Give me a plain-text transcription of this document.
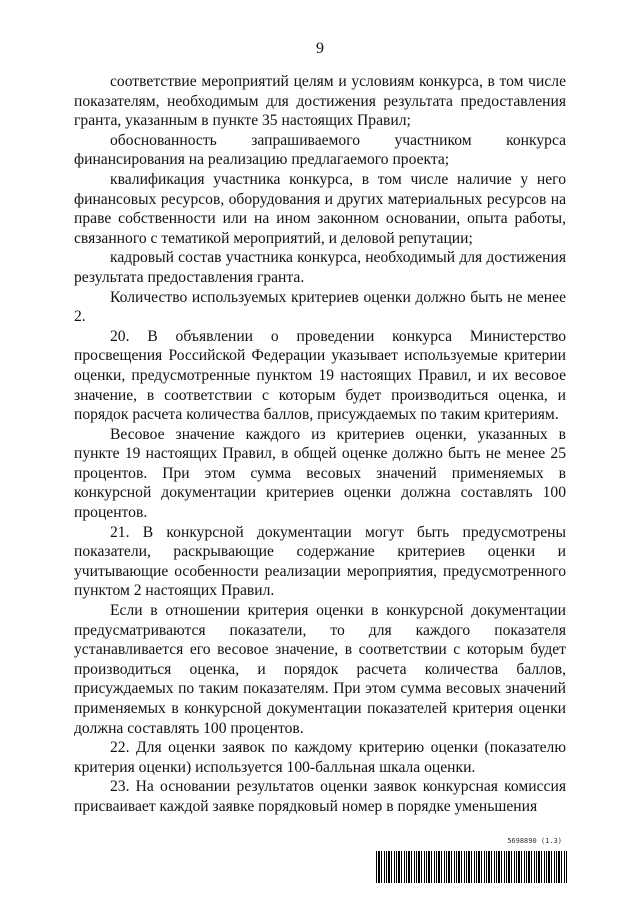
9

соответствие мероприятий целям и условиям конкурса, в том числе показателям, необходимым для достижения результата предоставления гранта, указанным в пункте 35 настоящих Правил;

обоснованность запрашиваемого участником конкурса финансирования на реализацию предлагаемого проекта;

квалификация участника конкурса, в том числе наличие у него финансовых ресурсов, оборудования и других материальных ресурсов на праве собственности или на ином законном основании, опыта работы, связанного с тематикой мероприятий, и деловой репутации;

кадровый состав участника конкурса, необходимый для достижения результата предоставления гранта.

Количество используемых критериев оценки должно быть не менее 2.

20. В объявлении о проведении конкурса Министерство просвещения Российской Федерации указывает используемые критерии оценки, предусмотренные пунктом 19 настоящих Правил, и их весовое значение, в соответствии с которым будет производиться оценка, и порядок расчета количества баллов, присуждаемых по таким критериям.

Весовое значение каждого из критериев оценки, указанных в пункте 19 настоящих Правил, в общей оценке должно быть не менее 25 процентов. При этом сумма весовых значений применяемых в конкурсной документации критериев оценки должна составлять 100 процентов.

21. В конкурсной документации могут быть предусмотрены показатели, раскрывающие содержание критериев оценки и учитывающие особенности реализации мероприятия, предусмотренного пунктом 2 настоящих Правил.

Если в отношении критерия оценки в конкурсной документации предусматриваются показатели, то для каждого показателя устанавливается его весовое значение, в соответствии с которым будет производиться оценка, и порядок расчета количества баллов, присуждаемых по таким показателям. При этом сумма весовых значений применяемых в конкурсной документации показателей критерия оценки должна составлять 100 процентов.

22. Для оценки заявок по каждому критерию оценки (показателю критерия оценки) используется 100-балльная шкала оценки.

23. На основании результатов оценки заявок конкурсная комиссия присваивает каждой заявке порядковый номер в порядке уменьшения

5698890 (1.3)
